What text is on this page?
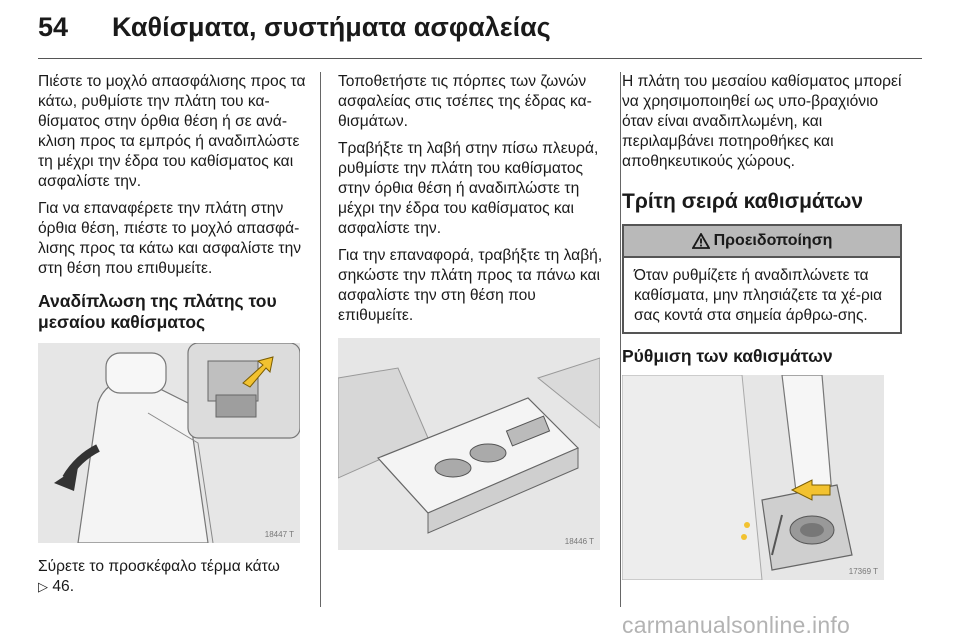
54 Καθίσματα, συστήματα ασφαλείας

Πιέστε το μοχλό απασφάλισης προς τα κάτω, ρυθμίστε την πλάτη του κα-θίσματος στην όρθια θέση ή σε ανά-κλιση προς τα εμπρός ή αναδιπλώστε τη μέχρι την έδρα του καθίσματος και ασφαλίστε την.

Για να επαναφέρετε την πλάτη στην όρθια θέση, πιέστε το μοχλό απασφά-λισης προς τα κάτω και ασφαλίστε την στη θέση που επιθυμείτε.

Αναδίπλωση της πλάτης του μεσαίου καθίσματος
18447 T

Σύρετε το προσκέφαλο τέρμα κάτω
▷ 46.

Τοποθετήστε τις πόρπες των ζωνών ασφαλείας στις τσέπες της έδρας κα-θισμάτων.

Τραβήξτε τη λαβή στην πίσω πλευρά, ρυθμίστε την πλάτη του καθίσματος στην όρθια θέση ή αναδιπλώστε τη μέχρι την έδρα του καθίσματος και ασφαλίστε την.

Για την επαναφορά, τραβήξτε τη λαβή, σηκώστε την πλάτη προς τα πάνω και ασφαλίστε την στη θέση που επιθυμείτε.

18446 T

Η πλάτη του μεσαίου καθίσματος μπορεί να χρησιμοποιηθεί ως υπο-βραχιόνιο όταν είναι αναδιπλωμένη, και περιλαμβάνει ποτηροθήκες και αποθηκευτικούς χώρους.

Τρίτη σειρά καθισμάτων
Προειδοποίηση

Όταν ρυθμίζετε ή αναδιπλώνετε τα καθίσματα, μην πλησιάζετε τα χέ-ρια σας κοντά στα σημεία άρθρω-σης.

Ρύθμιση των καθισμάτων
17369 T
carmanualsonline.info
